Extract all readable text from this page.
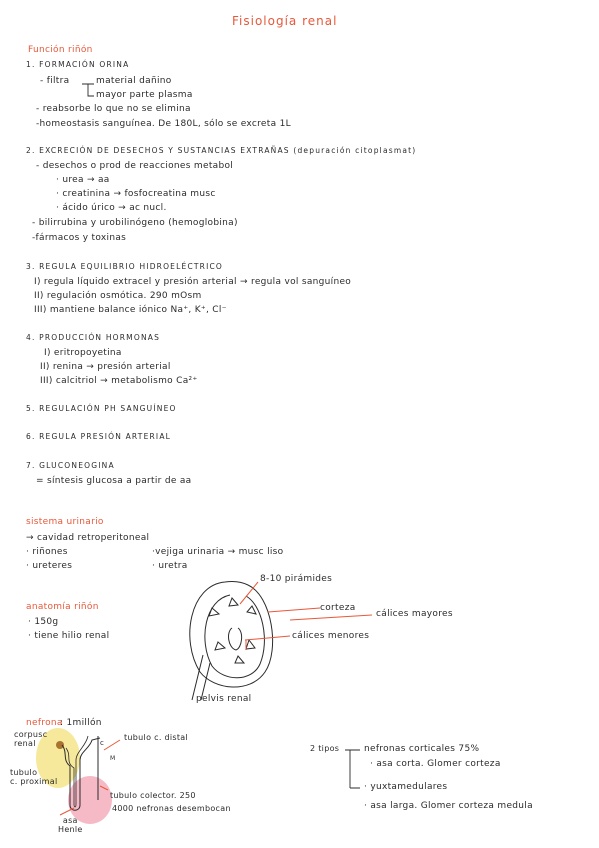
Fisiología renal
Función riñón
1. FORMACIÓN ORINA
- filtra	material dañino
mayor parte plasma
- reabsorbe lo que no se elimina
-homeostasis sanguínea. De 180L, sólo se excreta 1L
2. EXCRECIÓN DE DESECHOS Y SUSTANCIAS EXTRAÑAS (depuración citoplasmat)
- desechos o prod de reacciones metabol
· urea → aa
· creatinina → fosfocreatina musc
· ácido úrico → ac nucl.
- bilirrubina y urobilinógeno (hemoglobina)
-fármacos y toxinas
3. REGULA EQUILIBRIO HIDROELÉCTRICO
I) regula líquido extracel y presión arterial → regula vol sanguíneo
II) regulación osmótica. 290 mOsm
III) mantiene balance iónico Na⁺, K⁺, Cl⁻
4. PRODUCCIÓN HORMONAS
I) eritropoyetina
II) renina → presión arterial
III) calcitriol → metabolismo Ca²⁺
5. REGULACIÓN PH SANGUÍNEO
6. REGULA PRESIÓN ARTERIAL
7. GLUCONEOGINA
= síntesis glucosa a partir de aa
sistema urinario
→ cavidad retroperitoneal
· riñones
· ureteres
·vejiga urinaria → musc liso
· uretra
anatomía riñón
· 150g
· tiene hilio renal
8-10 pirámides
corteza
cálices mayores
cálices menores
pelvis renal
nefrona
: 1millón
corpusc
renal
tubulo
c. proximal
tubulo c. distal
c
M
tubulo colector. 250
4000 nefronas desembocan
asa
Henle
2 tipos	nefronas corticales 75%
· asa corta. Glomer corteza
· yuxtamedulares
· asa larga. Glomer corteza medula
